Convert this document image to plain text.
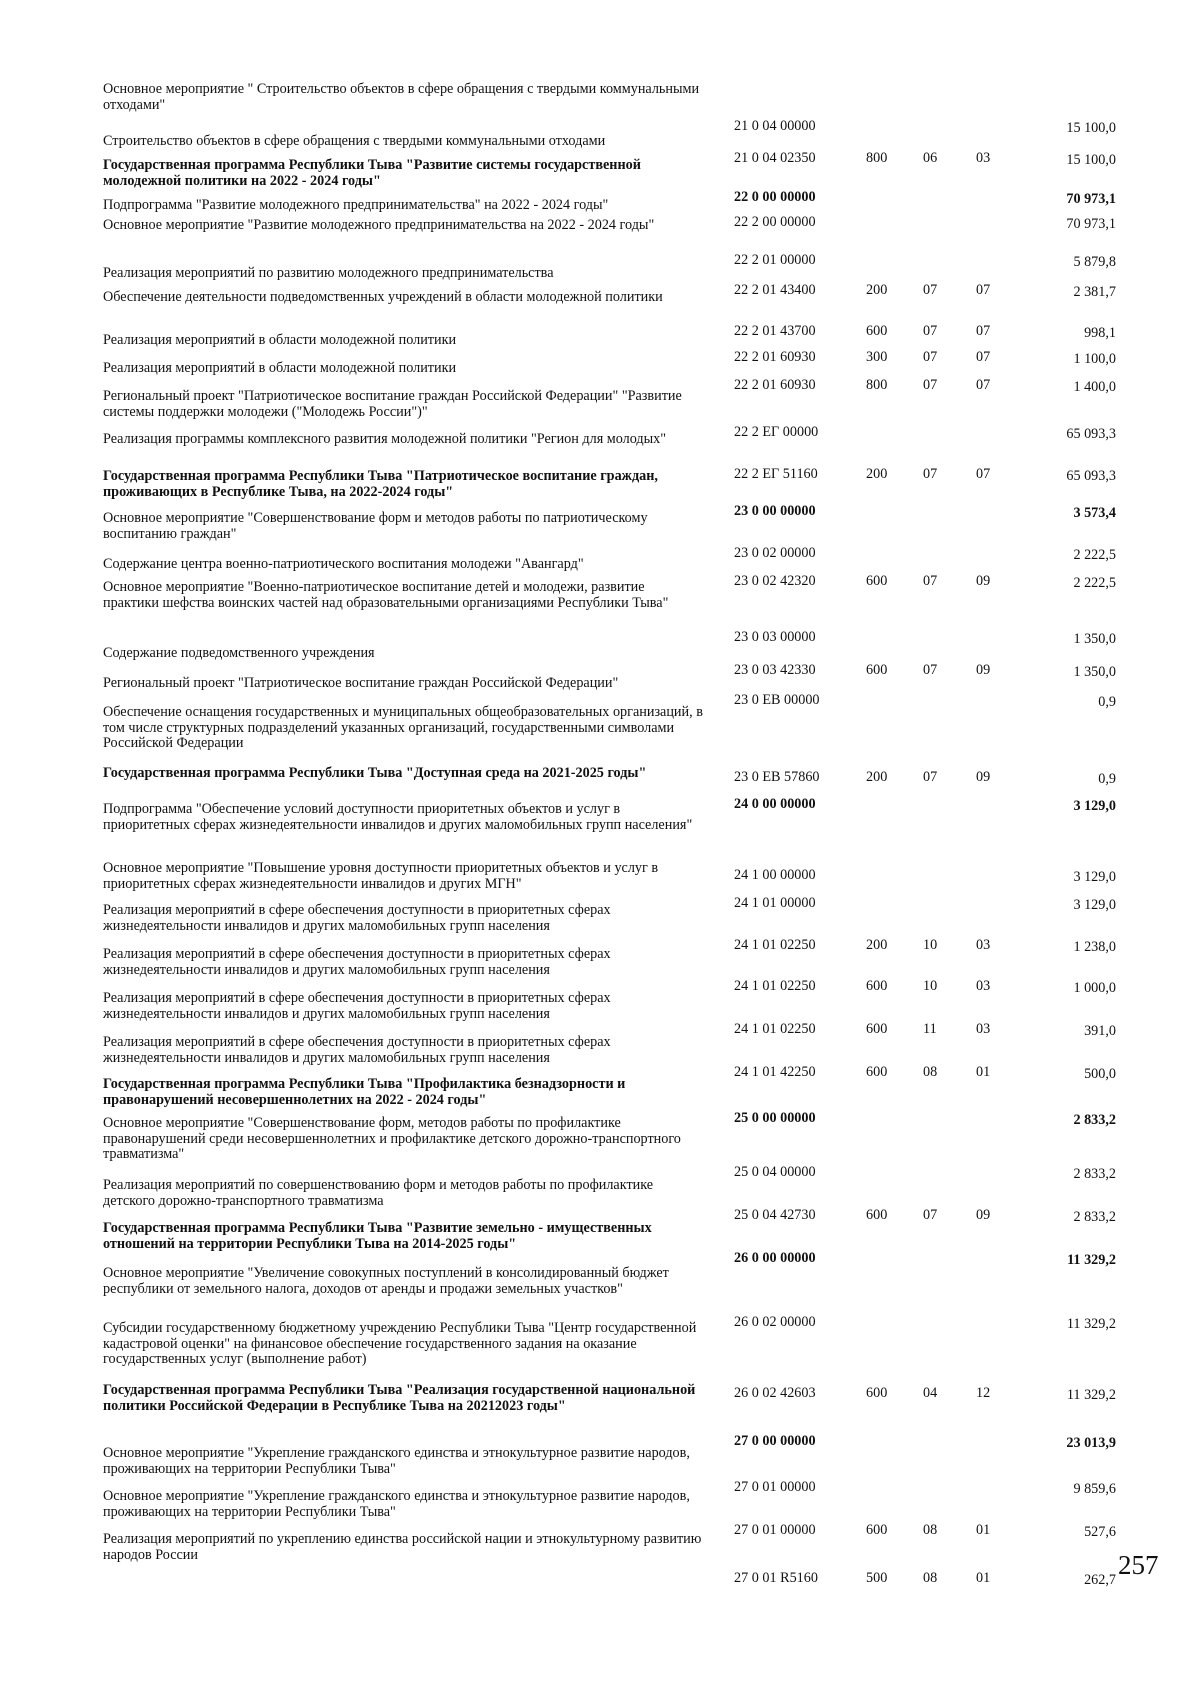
Основное мероприятие " Строительство объектов в сфере обращения с твердыми коммунальными отходами"
21 0 04 00000	15 100,0
Строительство объектов в сфере обращения с твердыми коммунальными отходами
21 0 04 02350	800	06	03	15 100,0
Государственная программа Республики Тыва "Развитие системы государственной молодежной политики на 2022 - 2024 годы"
22 0 00 00000	70 973,1
Подпрограмма "Развитие молодежного предпринимательства" на 2022 - 2024 годы"
22 2 00 00000	70 973,1
Основное мероприятие "Развитие молодежного предпринимательства на 2022 - 2024 годы"
22 2 01 00000	5 879,8
Реализация мероприятий по развитию молодежного предпринимательства
22 2 01 43400	200	07	07	2 381,7
Обеспечение деятельности подведомственных учреждений в области молодежной политики
22 2 01 43700	600	07	07	998,1
Реализация мероприятий в области молодежной политики
22 2 01 60930	300	07	07	1 100,0
Реализация мероприятий в области молодежной политики
22 2 01 60930	800	07	07	1 400,0
Региональный проект "Патриотическое воспитание граждан Российской Федерации" "Развитие системы поддержки молодежи ("Молодежь России")"
22 2 ЕГ 00000	65 093,3
Реализация программы комплексного развития молодежной политики "Регион для молодых"
22 2 ЕГ 51160	200	07	07	65 093,3
Государственная программа Республики Тыва "Патриотическое воспитание граждан, проживающих в Республике Тыва, на 2022-2024 годы"
23 0 00 00000	3 573,4
Основное мероприятие "Совершенствование форм и методов работы по патриотическому воспитанию граждан"
23 0 02 00000	2 222,5
Содержание центра военно-патриотического воспитания молодежи "Авангард"
23 0 02 42320	600	07	09	2 222,5
Основное мероприятие "Военно-патриотическое воспитание детей и молодежи, развитие практики шефства воинских частей над образовательными организациями Республики Тыва"
23 0 03 00000	1 350,0
Содержание подведомственного учреждения
23 0 03 42330	600	07	09	1 350,0
Региональный проект "Патриотическое воспитание граждан Российской Федерации"
23 0 ЕВ 00000	0,9
Обеспечение оснащения государственных и муниципальных общеобразовательных организаций, в том числе структурных подразделений указанных организаций, государственными символами Российской Федерации
23 0 ЕВ 57860	200	07	09	0,9
Государственная программа Республики Тыва "Доступная среда на 2021-2025 годы"
24 0 00 00000	3 129,0
Подпрограмма "Обеспечение условий доступности приоритетных объектов и услуг в приоритетных сферах жизнедеятельности инвалидов и других маломобильных групп населения"
24 1 00 00000	3 129,0
Основное мероприятие "Повышение уровня доступности приоритетных объектов и услуг в приоритетных сферах жизнедеятельности инвалидов и других МГН"
24 1 01 00000	3 129,0
Реализация мероприятий в сфере обеспечения доступности в приоритетных сферах жизнедеятельности инвалидов и других маломобильных групп населения
24 1 01 02250	200	10	03	1 238,0
Реализация мероприятий в сфере обеспечения доступности в приоритетных сферах жизнедеятельности инвалидов и других маломобильных групп населения
24 1 01 02250	600	10	03	1 000,0
Реализация мероприятий в сфере обеспечения доступности в приоритетных сферах жизнедеятельности инвалидов и других маломобильных групп населения
24 1 01 02250	600	11	03	391,0
Реализация мероприятий в сфере обеспечения доступности в приоритетных сферах жизнедеятельности инвалидов и других маломобильных групп населения
24 1 01 42250	600	08	01	500,0
Государственная программа Республики Тыва "Профилактика безнадзорности и правонарушений несовершеннолетних на 2022 - 2024 годы"
25 0 00 00000	2 833,2
Основное мероприятие "Совершенствование форм, методов работы по профилактике правонарушений среди несовершеннолетних и профилактике детского дорожно-транспортного травматизма"
25 0 04 00000	2 833,2
Реализация мероприятий по совершенствованию форм и методов работы по профилактике детского дорожно-транспортного травматизма
25 0 04 42730	600	07	09	2 833,2
Государственная программа Республики Тыва "Развитие земельно - имущественных отношений на территории Республики Тыва на 2014-2025 годы"
26 0 00 00000	11 329,2
Основное мероприятие "Увеличение совокупных поступлений в консолидированный бюджет республики от земельного налога, доходов от аренды и продажи земельных участков"
26 0 02 00000	11 329,2
Субсидии государственному бюджетному учреждению Республики Тыва "Центр государственной кадастровой оценки" на финансовое обеспечение государственного задания на оказание государственных услуг (выполнение работ)
26 0 02 42603	600	04	12	11 329,2
Государственная программа Республики Тыва "Реализация государственной национальной политики Российской Федерации в Республике Тыва на 20212023 годы"
27 0 00 00000	23 013,9
Основное мероприятие "Укрепление гражданского единства и этнокультурное развитие народов, проживающих на территории Республики Тыва"
27 0 01 00000	9 859,6
Основное мероприятие "Укрепление гражданского единства и этнокультурное развитие народов, проживающих на территории Республики Тыва"
27 0 01 00000	600	08	01	527,6
Реализация мероприятий по укреплению единства российской нации и этнокультурному развитию народов России
27 0 01 R5160	500	08	01	262,7 257
